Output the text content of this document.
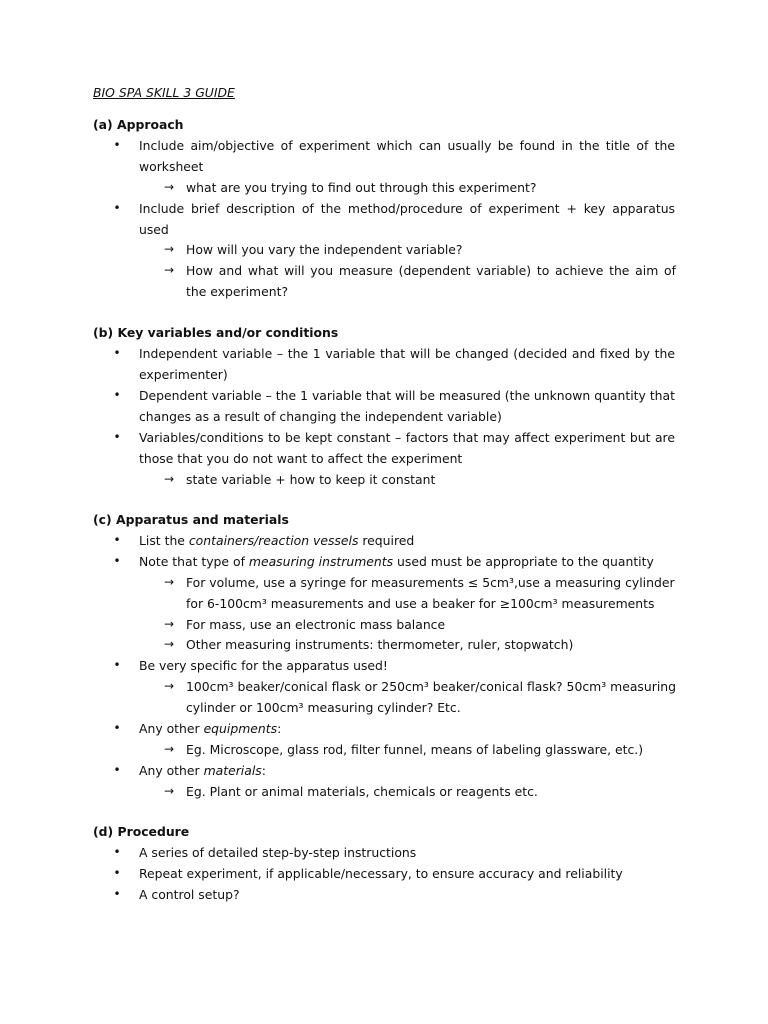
BIO SPA SKILL 3 GUIDE
(a) Approach
• Include aim/objective of experiment which can usually be found in the title of the
worksheet
→ what are you trying to find out through this experiment?
• Include brief description of the method/procedure of experiment + key apparatus
used
→ How will you vary the independent variable?
→ How and what will you measure (dependent variable) to achieve the aim of
the experiment?
(b) Key variables and/or conditions
• Independent variable – the 1 variable that will be changed (decided and fixed by the
experimenter)
• Dependent variable – the 1 variable that will be measured (the unknown quantity that
changes as a result of changing the independent variable)
• Variables/conditions to be kept constant – factors that may affect experiment but are
those that you do not want to affect the experiment
→ state variable + how to keep it constant
(c) Apparatus and materials
• List the containers/reaction vessels required
• Note that type of measuring instruments used must be appropriate to the quantity
→ For volume, use a syringe for measurements ≤ 5cm³,use a measuring cylinder
for 6-100cm³ measurements and use a beaker for ≥100cm³ measurements
→ For mass, use an electronic mass balance
→ Other measuring instruments: thermometer, ruler, stopwatch)
• Be very specific for the apparatus used!
→ 100cm³ beaker/conical flask or 250cm³ beaker/conical flask? 50cm³ measuring
cylinder or 100cm³ measuring cylinder? Etc.
• Any other equipments:
→ Eg. Microscope, glass rod, filter funnel, means of labeling glassware, etc.)
• Any other materials:
→ Eg. Plant or animal materials, chemicals or reagents etc.
(d) Procedure
• A series of detailed step-by-step instructions
• Repeat experiment, if applicable/necessary, to ensure accuracy and reliability
• A control setup?
